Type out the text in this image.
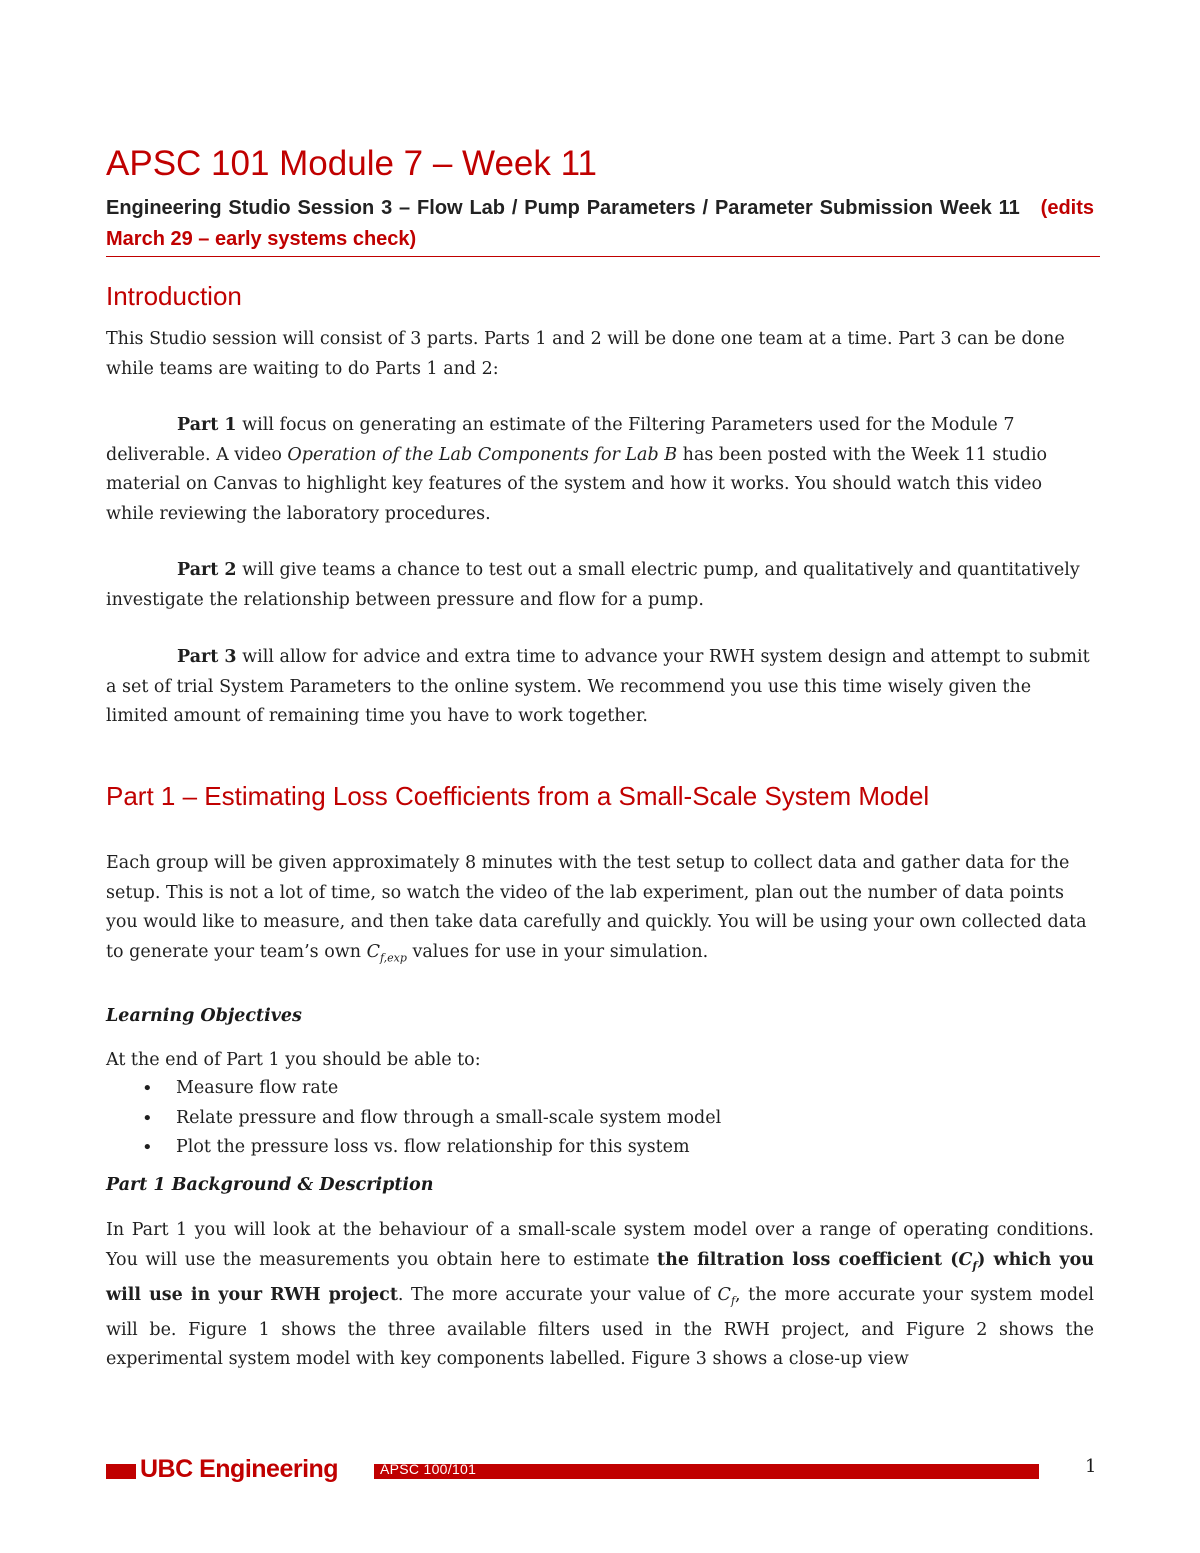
APSC 101 Module 7 – Week 11
Engineering Studio Session 3 – Flow Lab / Pump Parameters / Parameter Submission Week 11 (edits March 29 – early systems check)
Introduction

This Studio session will consist of 3 parts. Parts 1 and 2 will be done one team at a time. Part 3 can be done while teams are waiting to do Parts 1 and 2:

Part 1 will focus on generating an estimate of the Filtering Parameters used for the Module 7 deliverable. A video Operation of the Lab Components for Lab B has been posted with the Week 11 studio material on Canvas to highlight key features of the system and how it works. You should watch this video while reviewing the laboratory procedures.

Part 2 will give teams a chance to test out a small electric pump, and qualitatively and quantitatively investigate the relationship between pressure and flow for a pump.

Part 3 will allow for advice and extra time to advance your RWH system design and attempt to submit a set of trial System Parameters to the online system. We recommend you use this time wisely given the limited amount of remaining time you have to work together.

Part 1 – Estimating Loss Coefficients from a Small-Scale System Model

Each group will be given approximately 8 minutes with the test setup to collect data and gather data for the setup. This is not a lot of time, so watch the video of the lab experiment, plan out the number of data points you would like to measure, and then take data carefully and quickly. You will be using your own collected data to generate your team’s own $C_{f,exp}$ values for use in your simulation.

Learning Objectives

At the end of Part 1 you should be able to:

• Measure flow rate
• Relate pressure and flow through a small-scale system model
• Plot the pressure loss vs. flow relationship for this system
Part 1 Background & Description

In Part 1 you will look at the behaviour of a small-scale system model over a range of operating conditions. You will use the measurements you obtain here to estimate the filtration loss coefficient $(C_f)$ which you will use in your RWH project. The more accurate your value of $C_f$, the more accurate your system model will be. Figure 1 shows the three available filters used in the RWH project, and Figure 2 shows the experimental system model with key components labelled. Figure 3 shows a close-up view

UBC Engineering	APSC 100/101	1
